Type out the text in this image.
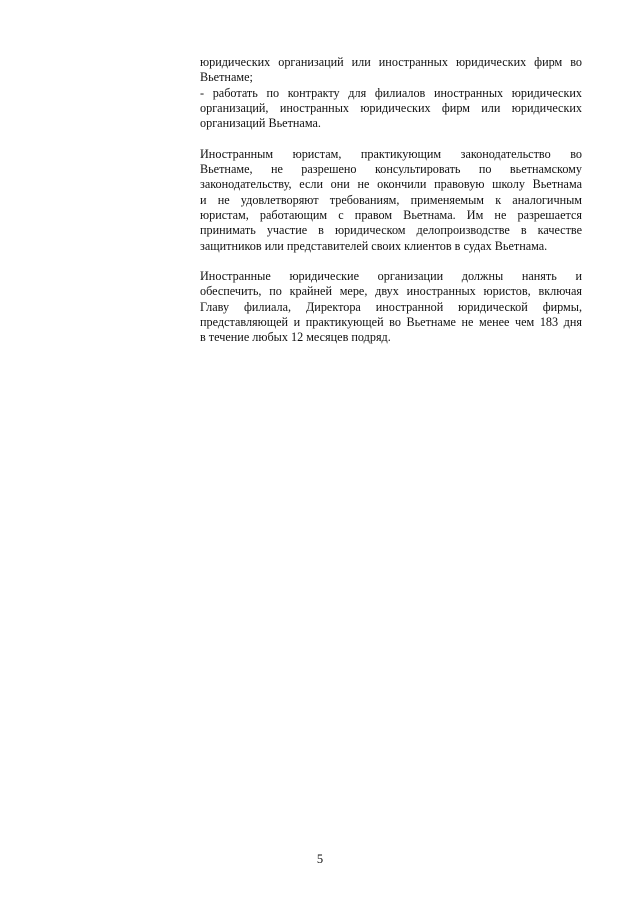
юридических организаций или иностранных юридических фирм во
Вьетнаме;
- работать по контракту для филиалов иностранных юридических
организаций, иностранных юридических фирм или юридических
организаций Вьетнама.

Иностранным юристам, практикующим законодательство во
Вьетнаме, не разрешено консультировать по вьетнамскому
законодательству, если они не окончили правовую школу Вьетнама
и не удовлетворяют требованиям, применяемым к аналогичным
юристам, работающим с правом Вьетнама. Им не разрешается
принимать участие в юридическом делопроизводстве в качестве
защитников или представителей своих клиентов в судах Вьетнама.

Иностранные юридические организации должны нанять и
обеспечить, по крайней мере, двух иностранных юристов, включая
Главу филиала, Директора иностранной юридической фирмы,
представляющей и практикующей во Вьетнаме не менее чем 183 дня
в течение любых 12 месяцев подряд.

5
